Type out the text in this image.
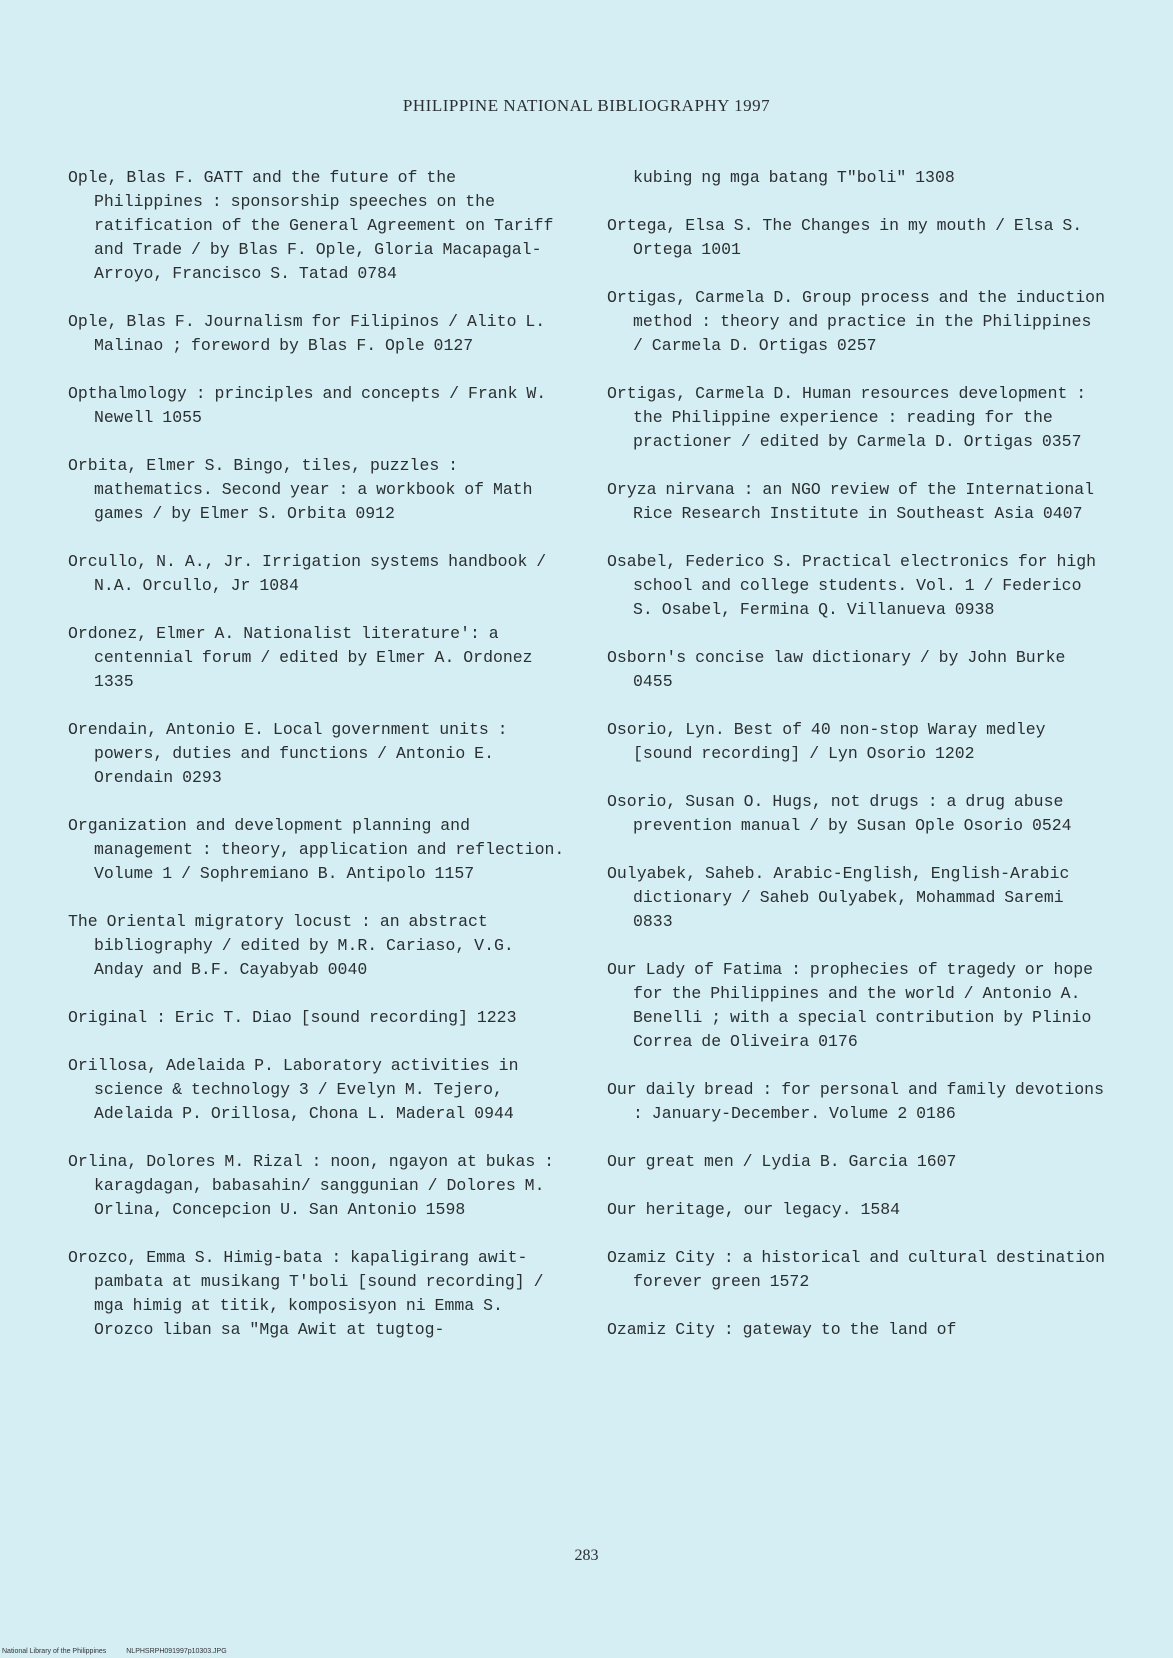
PHILIPPINE NATIONAL BIBLIOGRAPHY 1997

Ople, Blas F. GATT and the future of the Philippines : sponsorship speeches on the ratification of the General Agreement on Tariff and Trade / by Blas F. Ople, Gloria Macapagal-Arroyo, Francisco S. Tatad 0784

Ople, Blas F. Journalism for Filipinos / Alito L. Malinao ; foreword by Blas F. Ople 0127

Opthalmology : principles and concepts / Frank W. Newell 1055

Orbita, Elmer S. Bingo, tiles, puzzles : mathematics. Second year : a workbook of Math games / by Elmer S. Orbita 0912

Orcullo, N. A., Jr. Irrigation systems handbook / N.A. Orcullo, Jr 1084

Ordonez, Elmer A. Nationalist literature': a centennial forum / edited by Elmer A. Ordonez 1335

Orendain, Antonio E. Local government units : powers, duties and functions / Antonio E. Orendain 0293

Organization and development planning and management : theory, application and reflection. Volume 1 / Sophremiano B. Antipolo 1157

The Oriental migratory locust : an abstract bibliography / edited by M.R. Cariaso, V.G. Anday and B.F. Cayabyab 0040

Original : Eric T. Diao [sound recording] 1223

Orillosa, Adelaida P. Laboratory activities in science & technology 3 / Evelyn M. Tejero, Adelaida P. Orillosa, Chona L. Maderal 0944

Orlina, Dolores M. Rizal : noon, ngayon at bukas : karagdagan, babasahin/ sanggunian / Dolores M. Orlina, Concepcion U. San Antonio 1598

Orozco, Emma S. Himig-bata : kapaligirang awit-pambata at musikang T'boli [sound recording] / mga himig at titik, komposisyon ni Emma S. Orozco liban sa "Mga Awit at tugtog-

kubing ng mga batang T"boli" 1308

Ortega, Elsa S. The Changes in my mouth / Elsa S. Ortega 1001

Ortigas, Carmela D. Group process and the induction method : theory and practice in the Philippines / Carmela D. Ortigas 0257

Ortigas, Carmela D. Human resources development : the Philippine experience : reading for the practioner / edited by Carmela D. Ortigas 0357

Oryza nirvana : an NGO review of the International Rice Research Institute in Southeast Asia 0407

Osabel, Federico S. Practical electronics for high school and college students. Vol. 1 / Federico S. Osabel, Fermina Q. Villanueva 0938

Osborn's concise law dictionary / by John Burke 0455

Osorio, Lyn. Best of 40 non-stop Waray medley [sound recording] / Lyn Osorio 1202

Osorio, Susan O. Hugs, not drugs : a drug abuse prevention manual / by Susan Ople Osorio 0524

Oulyabek, Saheb. Arabic-English, English-Arabic dictionary / Saheb Oulyabek, Mohammad Saremi 0833

Our Lady of Fatima : prophecies of tragedy or hope for the Philippines and the world / Antonio A. Benelli ; with a special contribution by Plinio Correa de Oliveira 0176

Our daily bread : for personal and family devotions : January-December. Volume 2 0186

Our great men / Lydia B. Garcia 1607

Our heritage, our legacy. 1584

Ozamiz City : a historical and cultural destination forever green 1572

Ozamiz City : gateway to the land of

283
National Library of the Philippines	NLPHSRPH091997p10303.JPG
